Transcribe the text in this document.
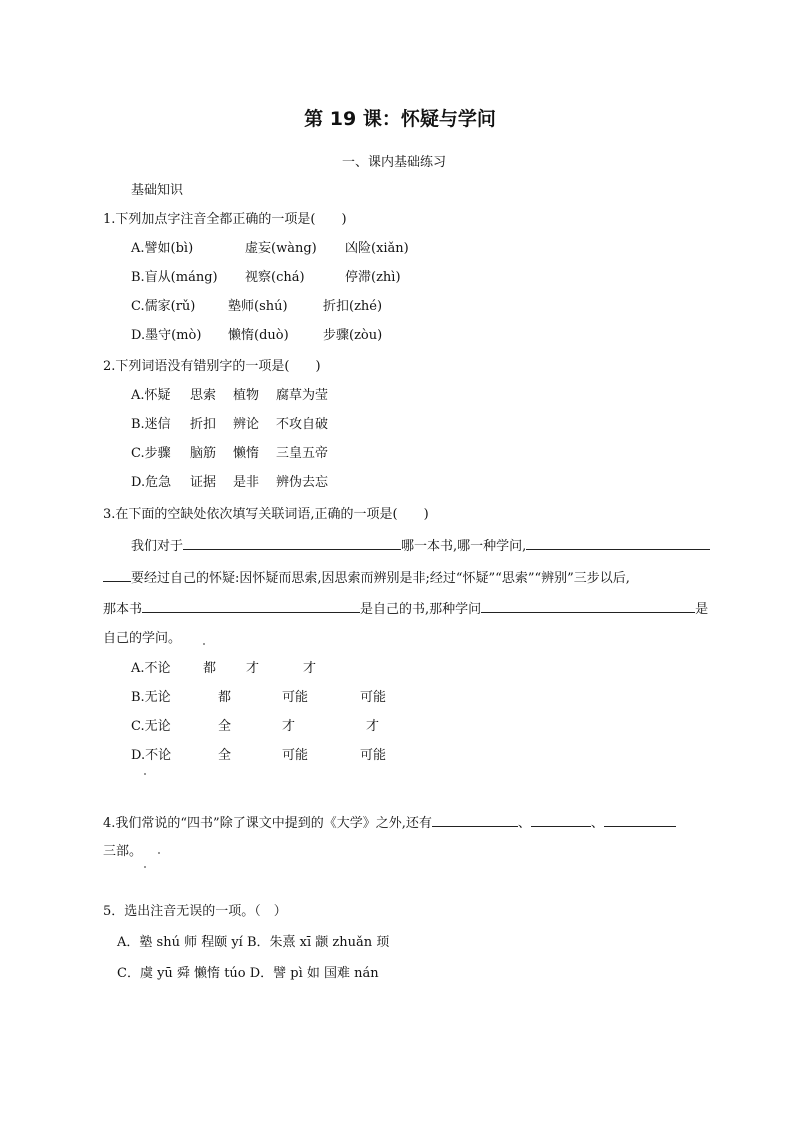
第 19 课：怀疑与学问
一、课内基础练习
基础知识
1.下列加点字注音全都正确的一项是(　　)
A.譬如(bì)	虚妄(wàng) 凶险(xiǎn)
B.盲从(máng) 视察(chá)	停滞(zhì)
C.儒家(rǔ)	塾师(shú)	折扣(zhé)
D.墨守(mò) 懒惰(duò)	步骤(zòu)
2.下列词语没有错别字的一项是(　　)
A.怀疑 思索 植物 腐草为莹
B.迷信 折扣 辨论 不攻自破
C.步骤 脑筋 懒惰 三皇五帝
D.危急 证据 是非 辨伪去忘
3.在下面的空缺处依次填写关联词语,正确的一项是(　　)
我们对于	哪一本书,哪一种学问,
要经过自己的怀疑:因怀疑而思索,因思索而辨别是非;经过“怀疑”“思索”“辨别”三步以后,
那本书	是自己的书,那种学问	是
自己的学问。
A.不论 都 才	才
B.无论	都	可能	可能
C.无论	全	才	才
D.不论	全	可能	可能
4.我们常说的“四书”除了课文中提到的《大学》之外,还有	、	、
三部。
5．选出注音无误的一项。（　）
A．塾 shú 师 程颐 yí B．朱熹 xī 颛 zhuǎn 顼
C．虞 yū 舜 懒惰 túo D．譬 pì 如 国难 nán
